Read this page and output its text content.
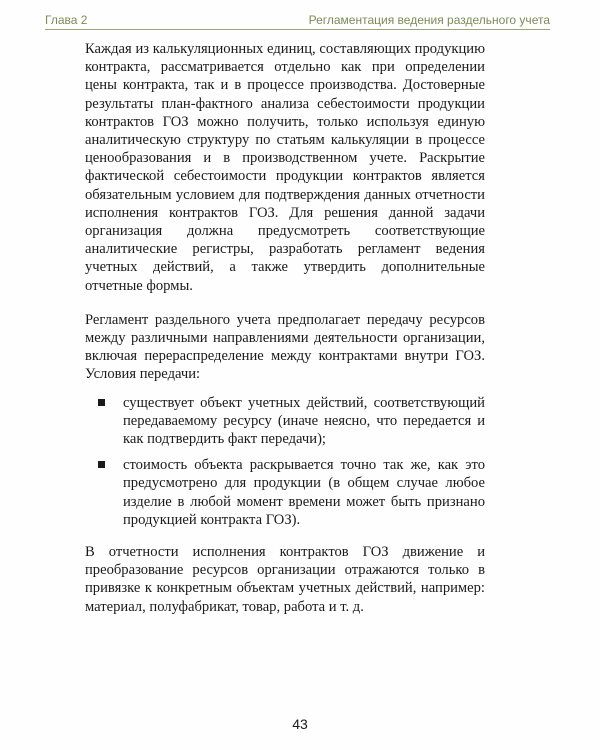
Глава 2	Регламентация ведения раздельного учета

Каждая из калькуляционных единиц, составляющих продукцию контракта, рассматривается отдельно как при определении цены контракта, так и в процессе производства. Достоверные результаты план-фактного анализа себестоимости продукции контрактов ГОЗ можно получить, только используя единую аналитическую структуру по статьям калькуляции в процессе ценообразования и в производственном учете. Раскрытие фактической себестоимости продукции контрактов является обязательным условием для подтверждения данных отчетности исполнения контрактов ГОЗ. Для решения данной задачи организация должна предусмотреть соответствующие аналитические регистры, разработать регламент ведения учетных действий, а также утвердить дополнительные отчетные формы.

Регламент раздельного учета предполагает передачу ресурсов между различными направлениями деятельности организации, включая перераспределение между контрактами внутри ГОЗ. Условия передачи:

существует объект учетных действий, соответствующий передаваемому ресурсу (иначе неясно, что передается и как подтвердить факт передачи);
стоимость объекта раскрывается точно так же, как это предусмотрено для продукции (в общем случае любое изделие в любой момент времени может быть признано продукцией контракта ГОЗ).

В отчетности исполнения контрактов ГОЗ движение и преобразование ресурсов организации отражаются только в привязке к конкретным объектам учетных действий, например: материал, полуфабрикат, товар, работа и т. д.

43
